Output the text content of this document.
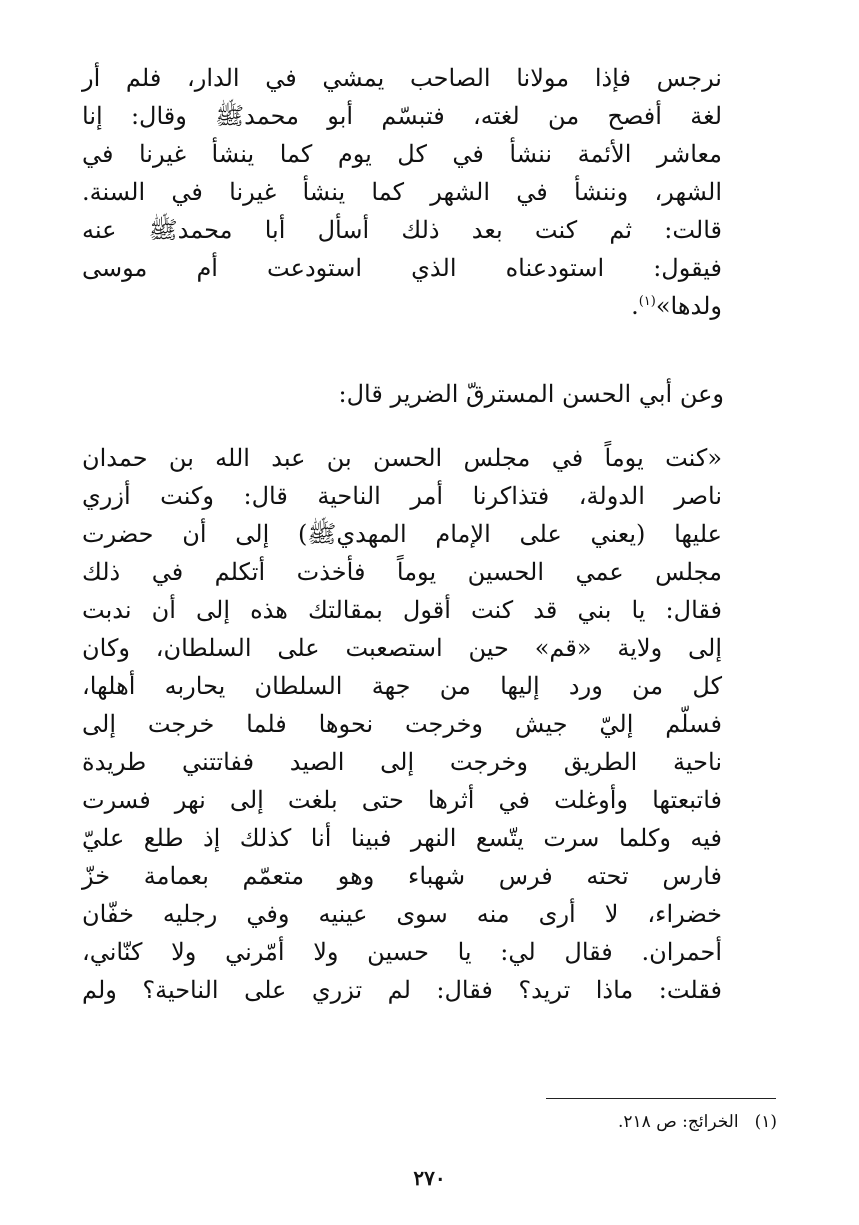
نرجس فإذا مولانا الصاحب يمشي في الدار، فلم أر
لغة أفصح من لغته، فتبسّم أبو محمدﷺ وقال: إنا
معاشر الأئمة ننشأ في كل يوم كما ينشأ غيرنا في
الشهر، وننشأ في الشهر كما ينشأ غيرنا في السنة.
قالت: ثم كنت بعد ذلك أسأل أبا محمدﷺ عنه
فيقول: استودعناه الذي استودعت أم موسى
ولدها»$^{(١)}$.
وعن أبي الحسن المسترقّ الضرير قال:
«كنت يوماً في مجلس الحسن بن عبد الله بن حمدان
ناصر الدولة، فتذاكرنا أمر الناحية قال: وكنت أزري
عليها (يعني على الإمام المهديﷺ) إلى أن حضرت
مجلس عمي الحسين يوماً فأخذت أتكلم في ذلك
فقال: يا بني قد كنت أقول بمقالتك هذه إلى أن ندبت
إلى ولاية «قم» حين استصعبت على السلطان، وكان
كل من ورد إليها من جهة السلطان يحاربه أهلها،
فسلّم إليّ جيش وخرجت نحوها فلما خرجت إلى
ناحية الطريق وخرجت إلى الصيد ففاتتني طريدة
فاتبعتها وأوغلت في أثرها حتى بلغت إلى نهر فسرت
فيه وكلما سرت يتّسع النهر فبينا أنا كذلك إذ طلع عليّ
فارس تحته فرس شهباء وهو متعمّم بعمامة خزّ
خضراء، لا أرى منه سوى عينيه وفي رجليه خفّان
أحمران. فقال لي: يا حسين ولا أمّرني ولا كنّاني،
فقلت: ماذا تريد؟ فقال: لم تزري على الناحية؟ ولم
(١)الخرائج: ص ٢١٨.
٢٧٠
